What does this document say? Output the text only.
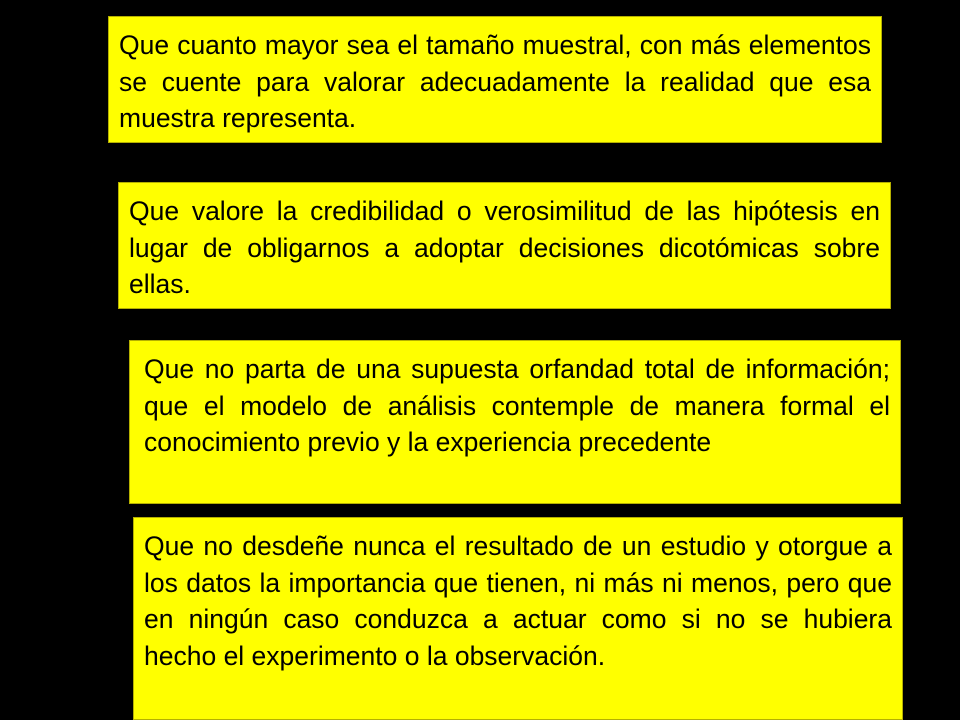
Que cuanto mayor sea el tamaño muestral, con más elementos se cuente para valorar adecuadamente la realidad que esa muestra representa.

Que valore la credibilidad o verosimilitud de las hipótesis en lugar de obligarnos a adoptar decisiones dicotómicas sobre ellas.

Que no parta de una supuesta orfandad total de información; que el modelo de análisis contemple de manera formal el conocimiento previo y la experiencia precedente

Que no desdeñe nunca el resultado de un estudio y otorgue a los datos la importancia que tienen, ni más ni menos, pero que en ningún caso conduzca a actuar como si no se hubiera hecho el experimento o la observación.
